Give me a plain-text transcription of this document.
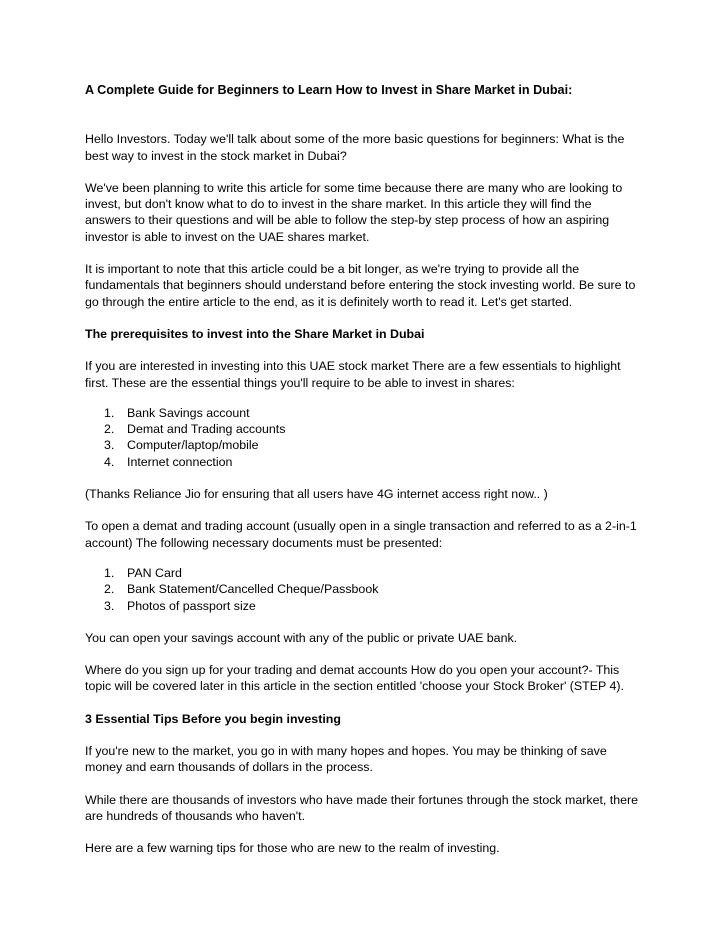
A Complete Guide for Beginners to Learn How to Invest in Share Market in Dubai:

Hello Investors. Today we'll talk about some of the more basic questions for beginners: What is the best way to invest in the stock market in Dubai?

We've been planning to write this article for some time because there are many who are looking to invest, but don't know what to do to invest in the share market. In this article they will find the answers to their questions and will be able to follow the step-by step process of how an aspiring investor is able to invest on the UAE shares market.

It is important to note that this article could be a bit longer, as we're trying to provide all the fundamentals that beginners should understand before entering the stock investing world. Be sure to go through the entire article to the end, as it is definitely worth to read it. Let's get started.

The prerequisites to invest into the Share Market in Dubai

If you are interested in investing into this UAE stock market There are a few essentials to highlight first. These are the essential things you'll require to be able to invest in shares:

1. Bank Savings account
2. Demat and Trading accounts
3. Computer/laptop/mobile
4. Internet connection

(Thanks Reliance Jio for ensuring that all users have 4G internet access right now.. )

To open a demat and trading account (usually open in a single transaction and referred to as a 2-in-1 account) The following necessary documents must be presented:

1. PAN Card
2. Bank Statement/Cancelled Cheque/Passbook
3. Photos of passport size

You can open your savings account with any of the public or private UAE bank.

Where do you sign up for your trading and demat accounts How do you open your account?- This topic will be covered later in this article in the section entitled 'choose your Stock Broker' (STEP 4).

3 Essential Tips Before you begin investing

If you're new to the market, you go in with many hopes and hopes. You may be thinking of save money and earn thousands of dollars in the process.

While there are thousands of investors who have made their fortunes through the stock market, there are hundreds of thousands who haven't.

Here are a few warning tips for those who are new to the realm of investing.
